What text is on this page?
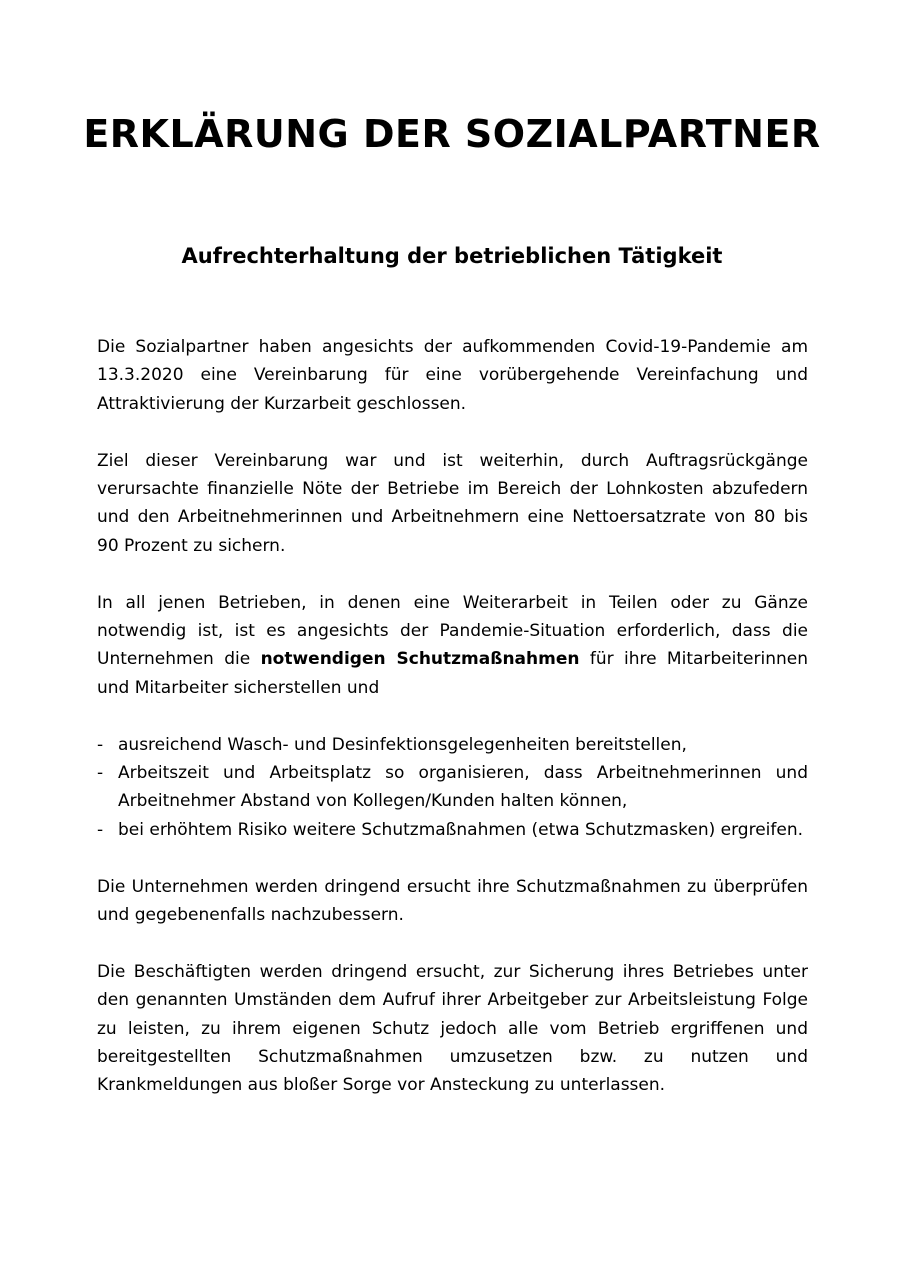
ERKLÄRUNG DER SOZIALPARTNER
Aufrechterhaltung der betrieblichen Tätigkeit

Die Sozialpartner haben angesichts der aufkommenden Covid-19-Pandemie am 13.3.2020 eine Vereinbarung für eine vorübergehende Vereinfachung und Attraktivierung der Kurzarbeit geschlossen.

Ziel dieser Vereinbarung war und ist weiterhin, durch Auftragsrückgänge verursachte finanzielle Nöte der Betriebe im Bereich der Lohnkosten abzufedern und den Arbeitnehmerinnen und Arbeitnehmern eine Nettoersatzrate von 80 bis 90 Prozent zu sichern.

In all jenen Betrieben, in denen eine Weiterarbeit in Teilen oder zu Gänze notwendig ist, ist es angesichts der Pandemie-Situation erforderlich, dass die Unternehmen die notwendigen Schutzmaßnahmen für ihre Mitarbeiterinnen und Mitarbeiter sicherstellen und

- ausreichend Wasch- und Desinfektionsgelegenheiten bereitstellen,
- Arbeitszeit und Arbeitsplatz so organisieren, dass Arbeitnehmerinnen und Arbeitnehmer Abstand von Kollegen/Kunden halten können,
- bei erhöhtem Risiko weitere Schutzmaßnahmen (etwa Schutzmasken) ergreifen.

Die Unternehmen werden dringend ersucht ihre Schutzmaßnahmen zu überprüfen und gegebenenfalls nachzubessern.

Die Beschäftigten werden dringend ersucht, zur Sicherung ihres Betriebes unter den genannten Umständen dem Aufruf ihrer Arbeitgeber zur Arbeitsleistung Folge zu leisten, zu ihrem eigenen Schutz jedoch alle vom Betrieb ergriffenen und bereitgestellten Schutzmaßnahmen umzusetzen bzw. zu nutzen und Krankmeldungen aus bloßer Sorge vor Ansteckung zu unterlassen.
